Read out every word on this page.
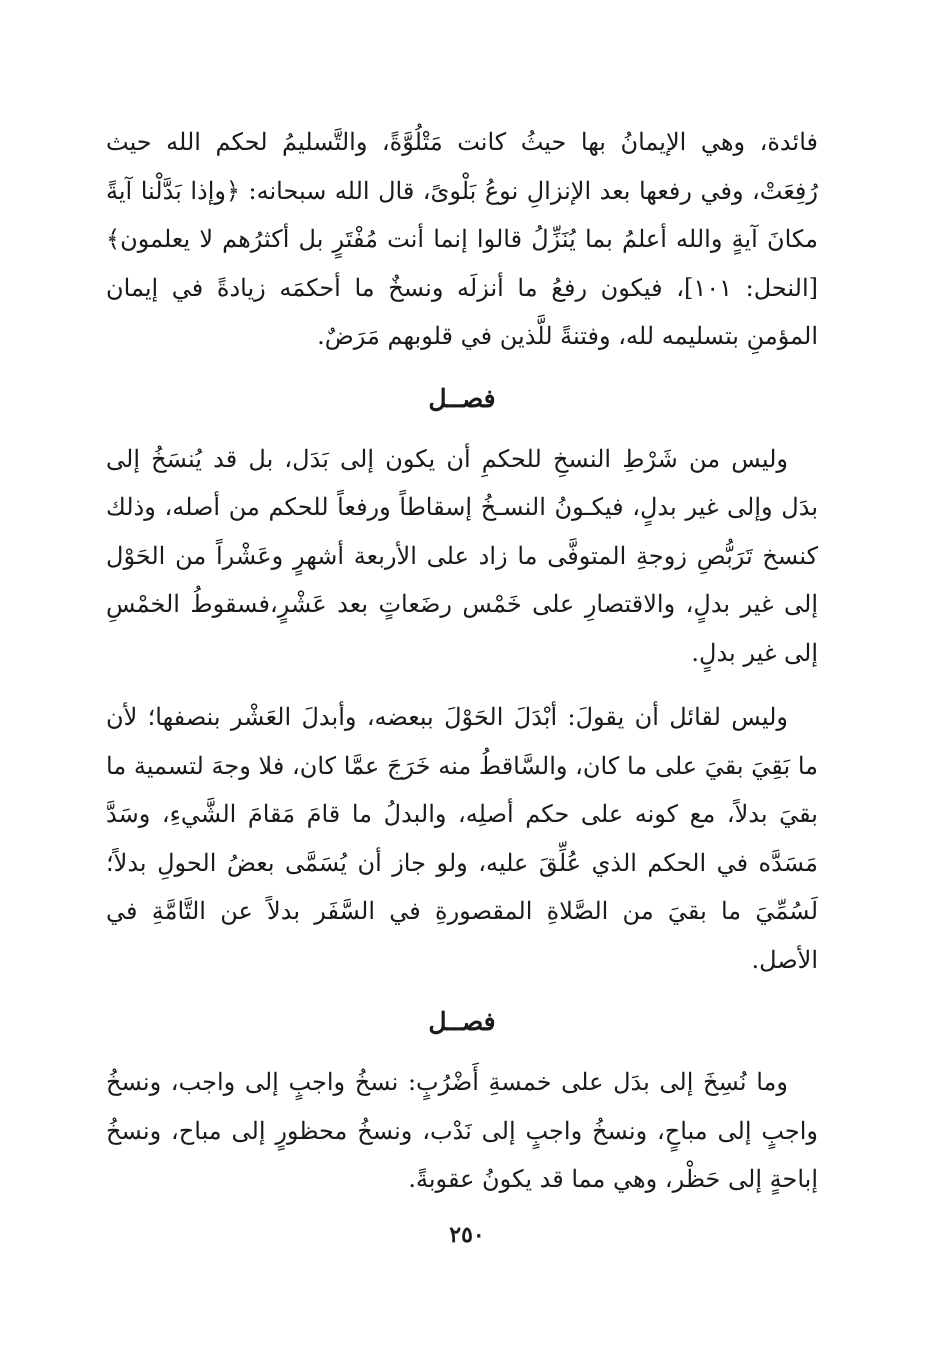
فائدة، وهي الإيمانُ بها حيثُ كانت مَتْلُوَّةً، والتَّسليمُ لحكم الله حيث رُفِعَتْ، وفي رفعها بعد الإنزالِ نوعُ بَلْوىً، قال الله سبحانه: ﴿وإذا بَدَّلْنا آيةً مكانَ آيةٍ والله أعلمُ بما يُنَزِّلُ قالوا إنما أنت مُفْتَرٍ بل أكثرُهم لا يعلمون﴾ [النحل: ١٠١]، فيكون رفعُ ما أنزلَه ونسخٌ ما أحكمَه زيادةً في إيمان المؤمنِ بتسليمه لله، وفتنةً للَّذين في قلوبهم مَرَضٌ.

فصــل

وليس من شَرْطِ النسخِ للحكمِ أن يكون إلى بَدَل، بل قد يُنسَخُ إلى بدَل وإلى غير بدلٍ، فيكـونُ النسـخُ إسقاطاً ورفعاً للحكم من أصله، وذلك كنسخ تَرَبُّصِ زوجةِ المتوفَّى ما زاد على الأربعة أشهرٍ وعَشْراً من الحَوْل إلى غير بدلٍ، والاقتصارِ على خَمْس رضَعاتٍ بعد عَشْرٍ،فسقوطُ الخمْسِ إلى غير بدلٍ.

وليس لقائل أن يقولَ: أبْدَلَ الحَوْلَ ببعضه، وأبدلَ العَشْر بنصفها؛ لأن ما بَقِيَ بقيَ على ما كان، والسَّاقطُ منه خَرَجَ عمَّا كان، فلا وجهَ لتسمية ما بقيَ بدلاً، مع كونه على حكم أصلِه، والبدلُ ما قامَ مَقامَ الشَّيءِ، وسَدَّ مَسَدَّه في الحكم الذي عُلِّقَ عليه، ولو جاز أن يُسَمَّى بعضُ الحولِ بدلاً؛ لَسُمِّيَ ما بقيَ من الصَّلاةِ المقصورةِ في السَّفَر بدلاً عن التَّامَّةِ في الأصل.

فصــل

وما نُسِخَ إلى بدَل على خمسةِ أَضْرُبٍ: نسخُ واجبٍ إلى واجب، ونسخُ واجبٍ إلى مباحٍ، ونسخُ واجبٍ إلى نَدْب، ونسخُ محظورٍ إلى مباح، ونسخُ إباحةٍ إلى حَظْر، وهي مما قد يكونُ عقوبةً.

٢٥٠
